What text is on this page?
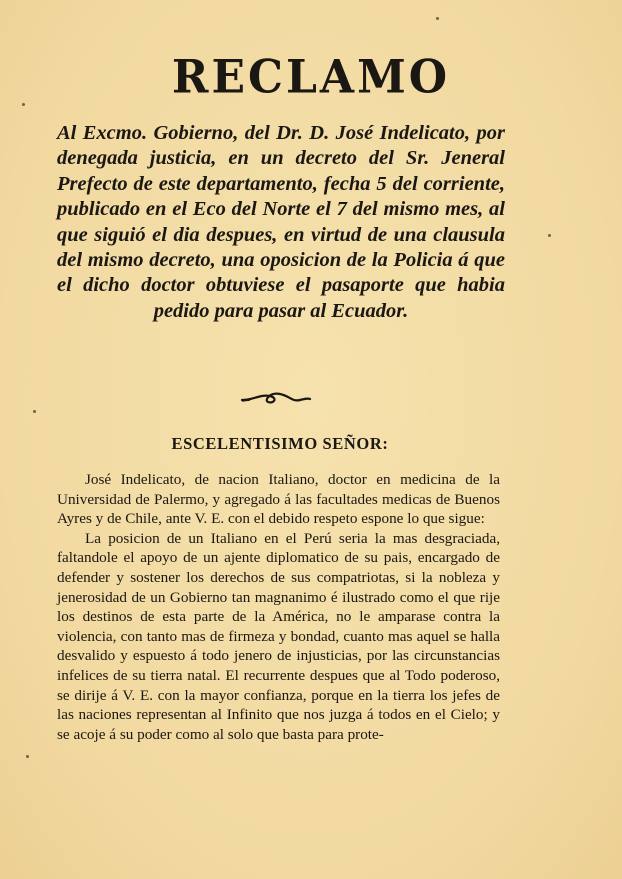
RECLAMO
Al Excmo. Gobierno, del Dr. D. José Indelicato, por denegada justicia, en un decreto del Sr. Jeneral Prefecto de este departamento, fecha 5 del corriente, publicado en el Eco del Norte el 7 del mismo mes, al que siguió el dia despues, en virtud de una clausula del mismo decreto, una oposicion de la Policia á que el dicho doctor obtuviese el pasaporte que habia pedido para pasar al Ecuador.
ESCELENTISIMO SEÑOR:

José Indelicato, de nacion Italiano, doctor en medicina de la Universidad de Palermo, y agregado á las facultades medicas de Buenos Ayres y de Chile, ante V. E. con el debido respeto espone lo que sigue:

La posicion de un Italiano en el Perú seria la mas desgraciada, faltandole el apoyo de un ajente diplomatico de su pais, encargado de defender y sostener los derechos de sus compatriotas, si la nobleza y jenerosidad de un Gobierno tan magnanimo é ilustrado como el que rije los destinos de esta parte de la América, no le amparase contra la violencia, con tanto mas de firmeza y bondad, cuanto mas aquel se halla desvalido y espuesto á todo jenero de injusticias, por las circunstancias infelices de su tierra natal. El recurrente despues que al Todo poderoso, se dirije á V. E. con la mayor confianza, porque en la tierra los jefes de las naciones representan al Infinito que nos juzga á todos en el Cielo; y se acoje á su poder como al solo que basta para prote-
